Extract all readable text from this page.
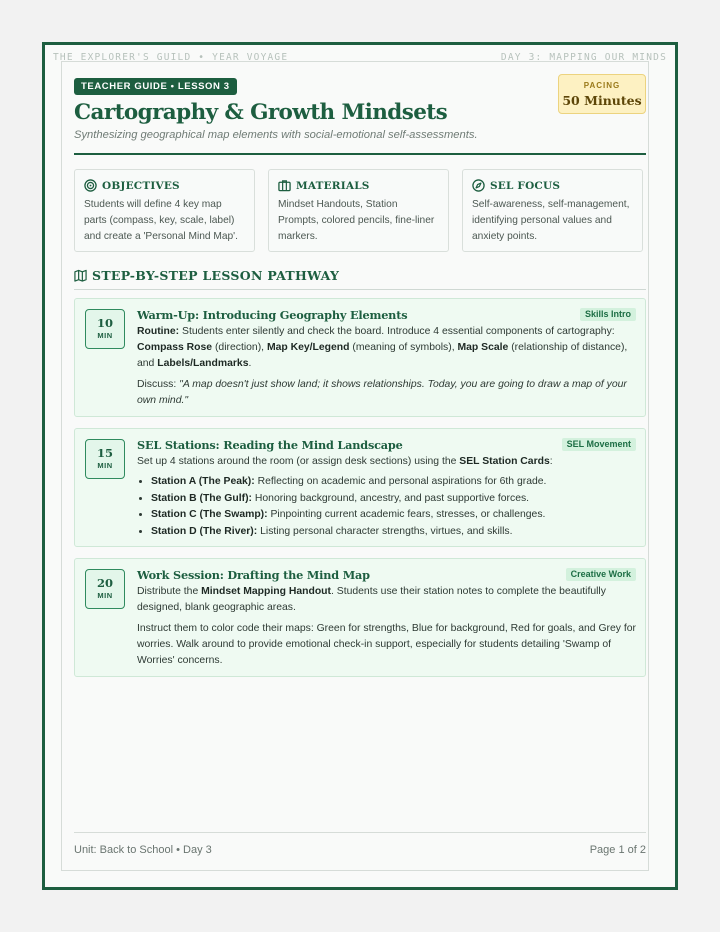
THE EXPLORER'S GUILD • YEAR VOYAGE	DAY 3: MAPPING OUR MINDS
TEACHER GUIDE • LESSON 3	PACING
50 Minutes
Cartography & Growth Mindsets
Synthesizing geographical map elements with social-emotional self-assessments.
OBJECTIVES
Students will define 4 key map parts (compass, key, scale, label) and create a 'Personal Mind Map'.
MATERIALS
Mindset Handouts, Station Prompts, colored pencils, fine-liner markers.
SEL FOCUS
Self-awareness, self-management, identifying personal values and anxiety points.
STEP-BY-STEP LESSON PATHWAY
10
MIN
Skills Intro
Warm-Up: Introducing Geography Elements

Routine: Students enter silently and check the board. Introduce 4 essential components of cartography: Compass Rose (direction), Map Key/Legend (meaning of symbols), Map Scale (relationship of distance), and Labels/Landmarks.

Discuss: "A map doesn't just show land; it shows relationships. Today, you are going to draw a map of your own mind."

15
MIN
SEL Movement
SEL Stations: Reading the Mind Landscape

Set up 4 stations around the room (or assign desk sections) using the SEL Station Cards:

• Station A (The Peak): Reflecting on academic and personal aspirations for 6th grade.
• Station B (The Gulf): Honoring background, ancestry, and past supportive forces.
• Station C (The Swamp): Pinpointing current academic fears, stresses, or challenges.
• Station D (The River): Listing personal character strengths, virtues, and skills.
20
MIN
Creative Work
Work Session: Drafting the Mind Map

Distribute the Mindset Mapping Handout. Students use their station notes to complete the beautifully designed, blank geographic areas.

Instruct them to color code their maps: Green for strengths, Blue for background, Red for goals, and Grey for worries. Walk around to provide emotional check-in support, especially for students detailing 'Swamp of Worries' concerns.

Unit: Back to School • Day 3	Page 1 of 2
